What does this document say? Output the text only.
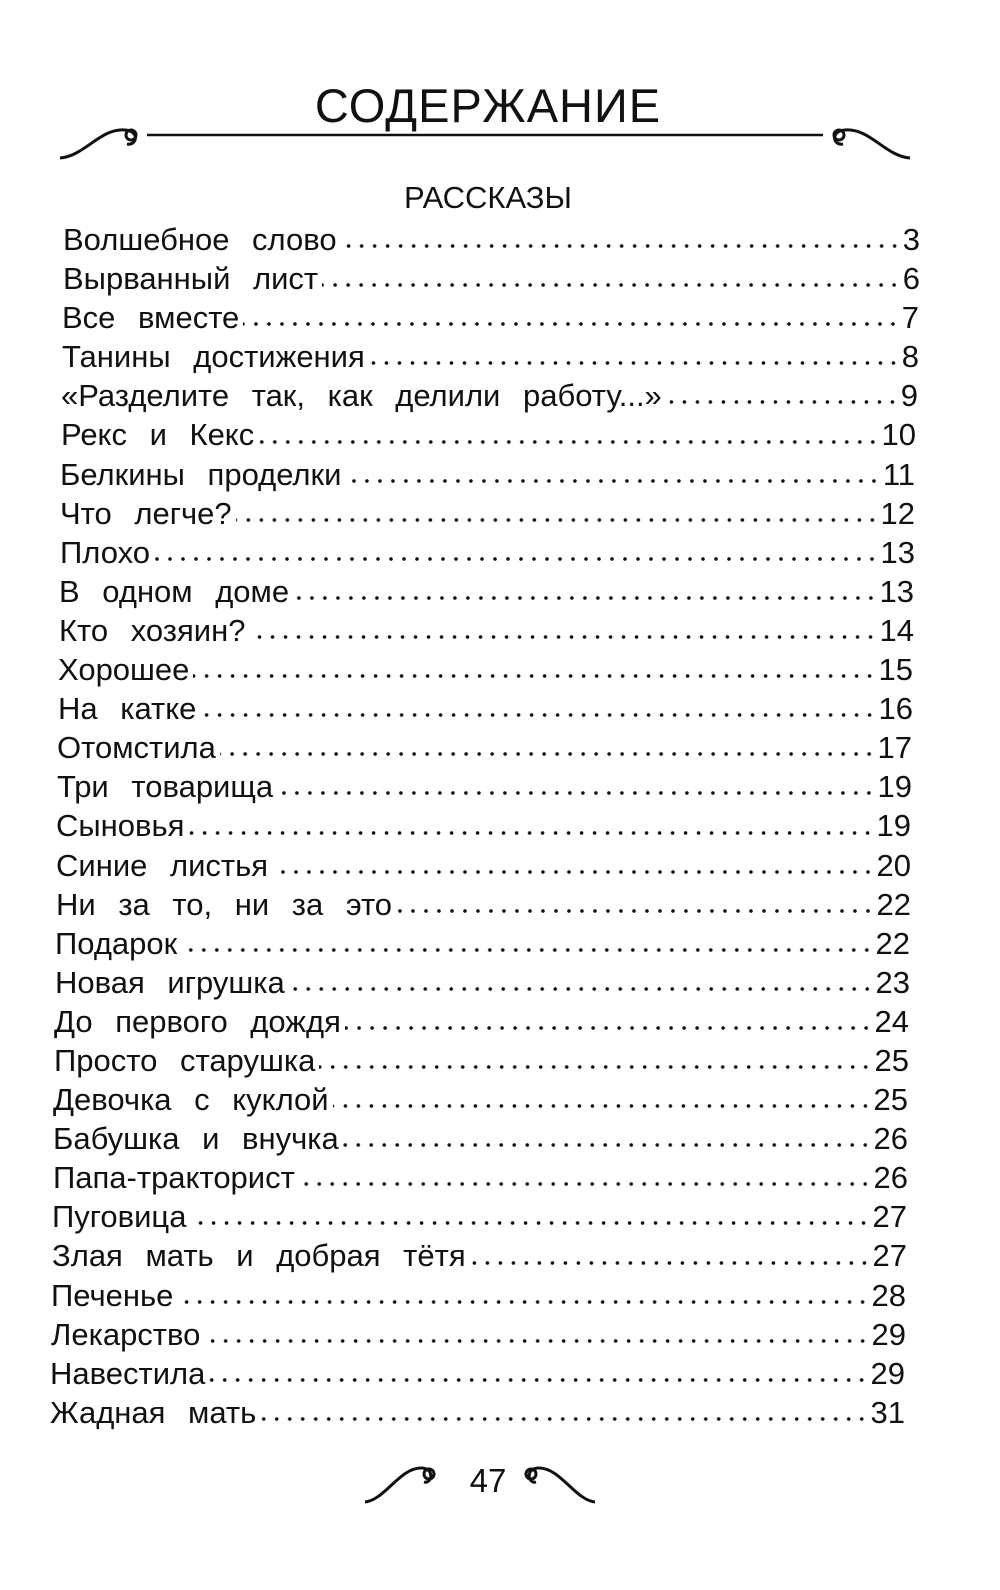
СОДЕРЖАНИЕ
РАССКАЗЫ
Волшебное слово	3
Вырванный лист	6
Все вместе	7
Танины достижения	8
«Разделите так, как делили работу...»	9
Рекс и Кекс	10
Белкины проделки	11
Что легче?	12
Плохо	13
В одном доме	13
Кто хозяин?	14
Хорошее	15
На катке	16
Отомстила	17
Три товарища	19
Сыновья	19
Синие листья	20
Ни за то, ни за это	22
Подарок	22
Новая игрушка	23
До первого дождя	24
Просто старушка	25
Девочка с куклой	25
Бабушка и внучка	26
Папа-тракторист	26
Пуговица	27
Злая мать и добрая тётя	27
Печенье	28
Лекарство	29
Навестила	29
Жадная мать	31
47
